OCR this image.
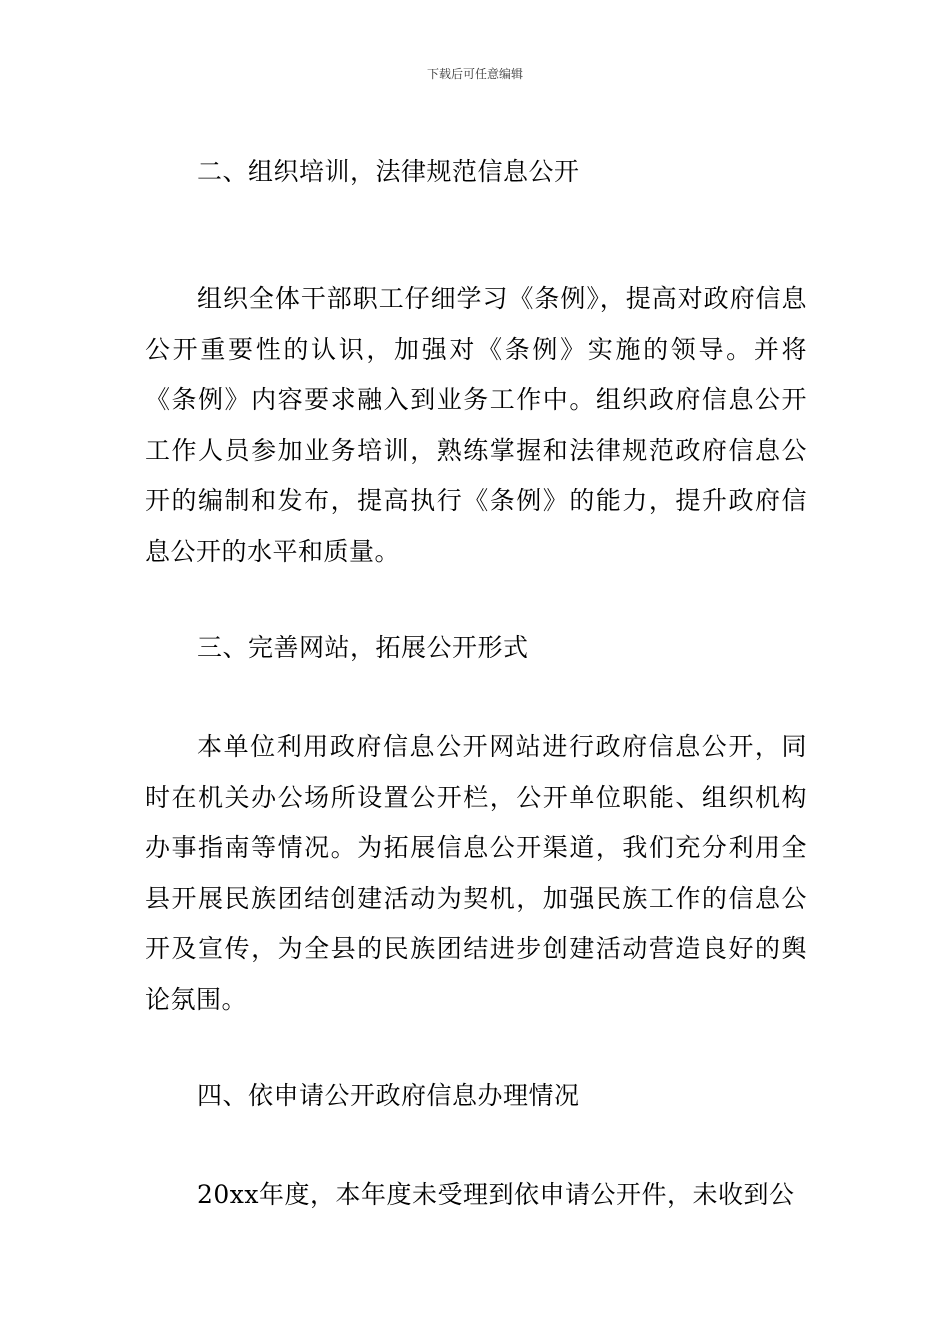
下载后可任意编辑
二、组织培训，法律规范信息公开
组织全体干部职工仔细学习《条例》，提高对政府信息公开重要性的认识，加强对《条例》实施的领导。并将《条例》内容要求融入到业务工作中。组织政府信息公开工作人员参加业务培训，熟练掌握和法律规范政府信息公开的编制和发布，提高执行《条例》的能力，提升政府信息公开的水平和质量。
三、完善网站，拓展公开形式
本单位利用政府信息公开网站进行政府信息公开，同时在机关办公场所设置公开栏，公开单位职能、组织机构办事指南等情况。为拓展信息公开渠道，我们充分利用全县开展民族团结创建活动为契机，加强民族工作的信息公开及宣传，为全县的民族团结进步创建活动营造良好的舆论氛围。
四、依申请公开政府信息办理情况
20xx年度，本年度未受理到依申请公开件，未收到公
